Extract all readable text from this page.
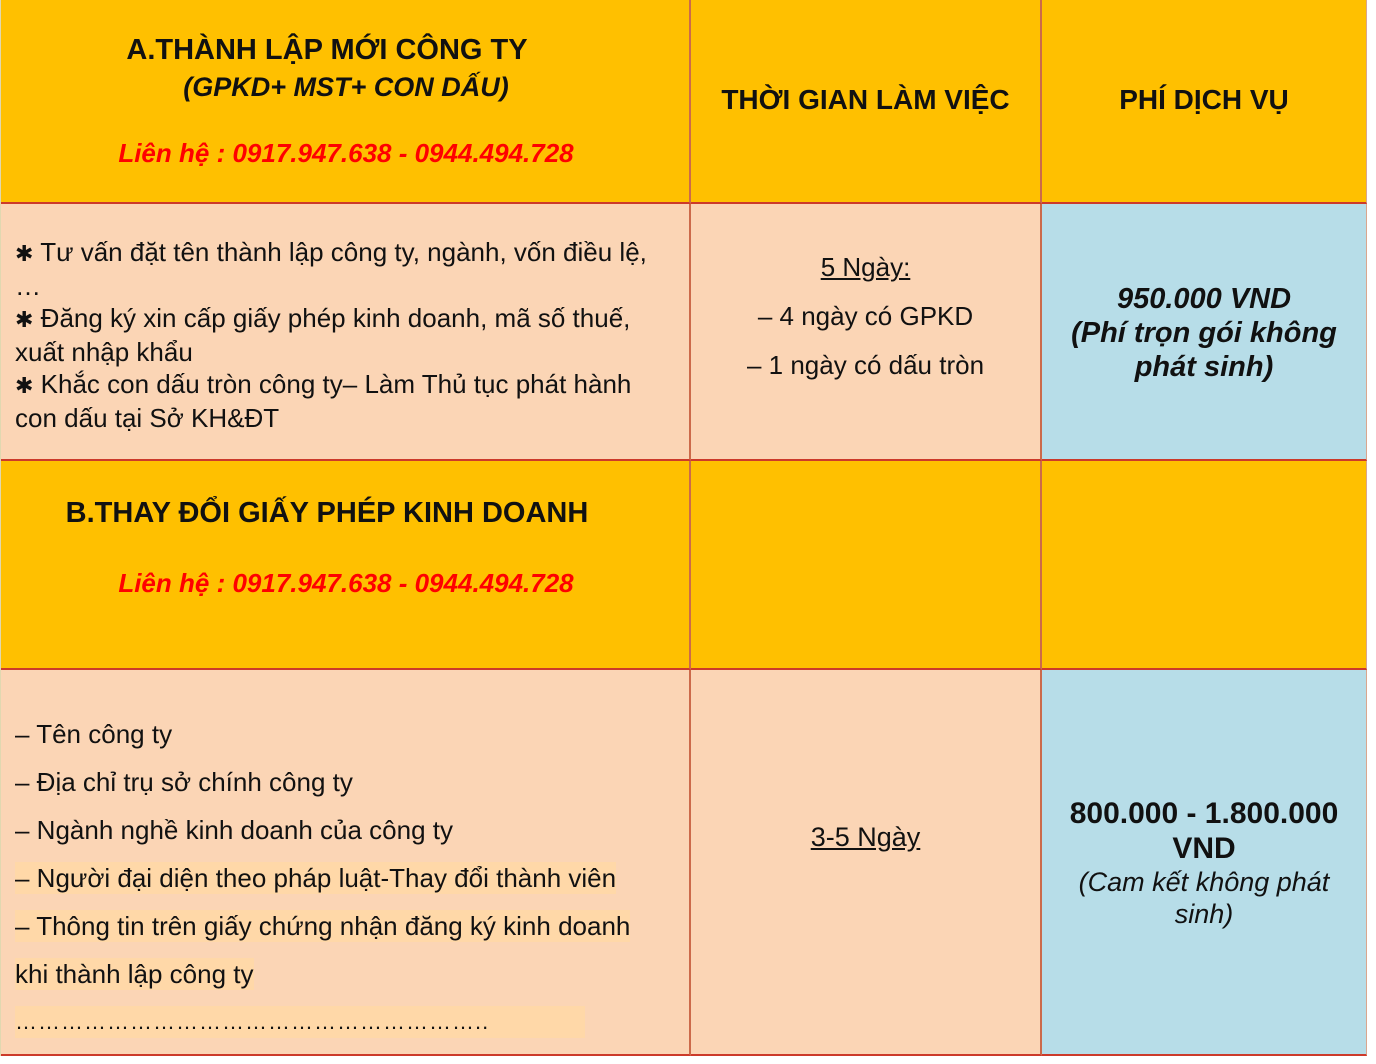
A.THÀNH LẬP MỚI CÔNG TY
(GPKD+ MST+ CON DẤU)
Liên hệ : 0917.947.638 - 0944.494.728
THỜI GIAN LÀM VIỆC	PHÍ DỊCH VỤ

✱ Tư vấn đặt tên thành lập công ty, ngành, vốn điều lệ, …

✱ Đăng ký xin cấp giấy phép kinh doanh, mã số thuế, xuất nhập khẩu

✱ Khắc con dấu tròn công ty– Làm Thủ tục phát hành con dấu tại Sở KH&ĐT

5 Ngày:
– 4 ngày có GPKD
– 1 ngày có dấu tròn
950.000 VND
(Phí trọn gói không phát sinh)
B.THAY ĐỔI GIẤY PHÉP KINH DOANH
Liên hệ : 0917.947.638 - 0944.494.728
– Tên công ty
– Địa chỉ trụ sở chính công ty
– Ngành nghề kinh doanh của công ty
– Người đại diện theo pháp luật-Thay đổi thành viên
– Thông tin trên giấy chứng nhận đăng ký kinh doanh
khi thành lập công ty
……………………………………………………..
3-5 Ngày
800.000 - 1.800.000 VND
(Cam kết không phát sinh)
